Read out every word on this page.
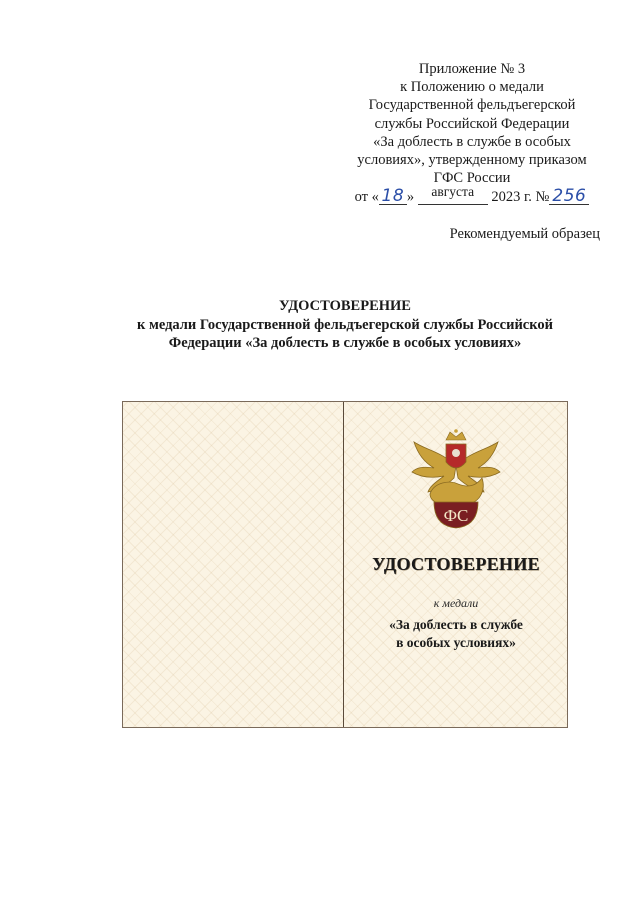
Приложение № 3
к Положению о медали
Государственной фельдъегерской
службы Российской Федерации
«За доблесть в службе в особых
условиях», утвержденному приказом
ГФС России
от « 18 » августа 2023 г. № 256
Рекомендуемый образец
УДОСТОВЕРЕНИЕ
к медали Государственной фельдъегерской службы Российской
Федерации «За доблесть в службе в особых условиях»
ФС
УДОСТОВЕРЕНИЕ
к медали
«За доблесть в службе
в особых условиях»
